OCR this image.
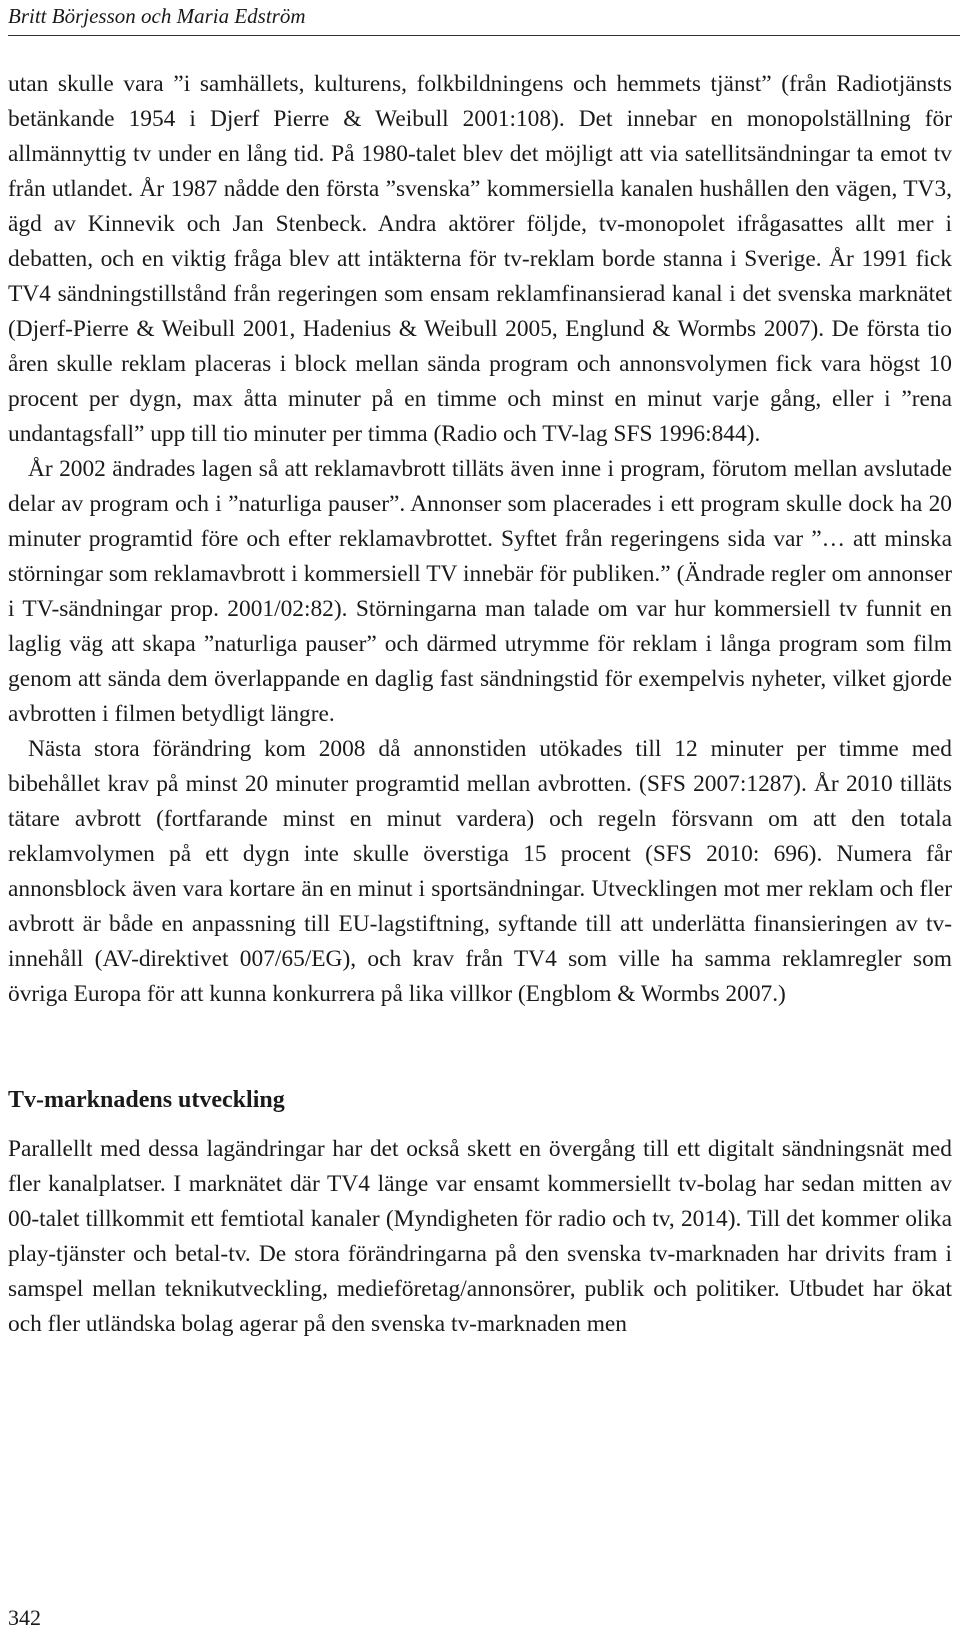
Britt Börjesson och Maria Edström

utan skulle vara ”i samhällets, kulturens, folkbildningens och hemmets tjänst” (från Radiotjänsts betänkande 1954 i Djerf Pierre & Weibull 2001:108). Det innebar en monopolställning för allmännyttig tv under en lång tid. På 1980-talet blev det möjligt att via satellitsändningar ta emot tv från utlandet. År 1987 nådde den första ”svenska” kommersiella kanalen hushållen den vägen, TV3, ägd av Kinnevik och Jan Stenbeck. Andra aktörer följde, tv-monopolet ifrågasattes allt mer i debatten, och en viktig fråga blev att intäkterna för tv-reklam borde stanna i Sverige. År 1991 fick TV4 sändningstillstånd från regeringen som ensam reklamfinansierad kanal i det svenska marknätet (Djerf-Pierre & Weibull 2001, Hadenius & Weibull 2005, Englund & Wormbs 2007). De första tio åren skulle reklam placeras i block mellan sända program och annonsvolymen fick vara högst 10 procent per dygn, max åtta minuter på en timme och minst en minut varje gång, eller i ”rena undantagsfall” upp till tio minuter per timma (Radio och TV-lag SFS 1996:844).

År 2002 ändrades lagen så att reklamavbrott tilläts även inne i program, förutom mellan avslutade delar av program och i ”naturliga pauser”. Annonser som placerades i ett program skulle dock ha 20 minuter programtid före och efter reklamavbrottet. Syftet från regeringens sida var ”… att minska störningar som reklamavbrott i kommersiell TV innebär för publiken.” (Ändrade regler om annonser i TV-sändningar prop. 2001/02:82). Störningarna man talade om var hur kommersiell tv funnit en laglig väg att skapa ”naturliga pauser” och därmed utrymme för reklam i långa program som film genom att sända dem överlappande en daglig fast sändningstid för exempelvis nyheter, vilket gjorde avbrotten i filmen betydligt längre.

Nästa stora förändring kom 2008 då annonstiden utökades till 12 minuter per timme med bibehållet krav på minst 20 minuter programtid mellan avbrotten. (SFS 2007:1287). År 2010 tilläts tätare avbrott (fortfarande minst en minut vardera) och regeln försvann om att den totala reklamvolymen på ett dygn inte skulle överstiga 15 procent (SFS 2010: 696). Numera får annonsblock även vara kortare än en minut i sportsändningar. Utvecklingen mot mer reklam och fler avbrott är både en anpassning till EU-lagstiftning, syftande till att underlätta finansieringen av tv-innehåll (AV-direktivet 007/65/EG), och krav från TV4 som ville ha samma reklamregler som övriga Europa för att kunna konkurrera på lika villkor (Engblom & Wormbs 2007.)

Tv-marknadens utveckling

Parallellt med dessa lagändringar har det också skett en övergång till ett digitalt sändningsnät med fler kanalplatser. I marknätet där TV4 länge var ensamt kommersiellt tv-bolag har sedan mitten av 00-talet tillkommit ett femtiotal kanaler (Myndigheten för radio och tv, 2014). Till det kommer olika play-tjänster och betal-tv. De stora förändringarna på den svenska tv-marknaden har drivits fram i samspel mellan teknikutveckling, medieföretag/annonsörer, publik och politiker. Utbudet har ökat och fler utländska bolag agerar på den svenska tv-marknaden men

342
